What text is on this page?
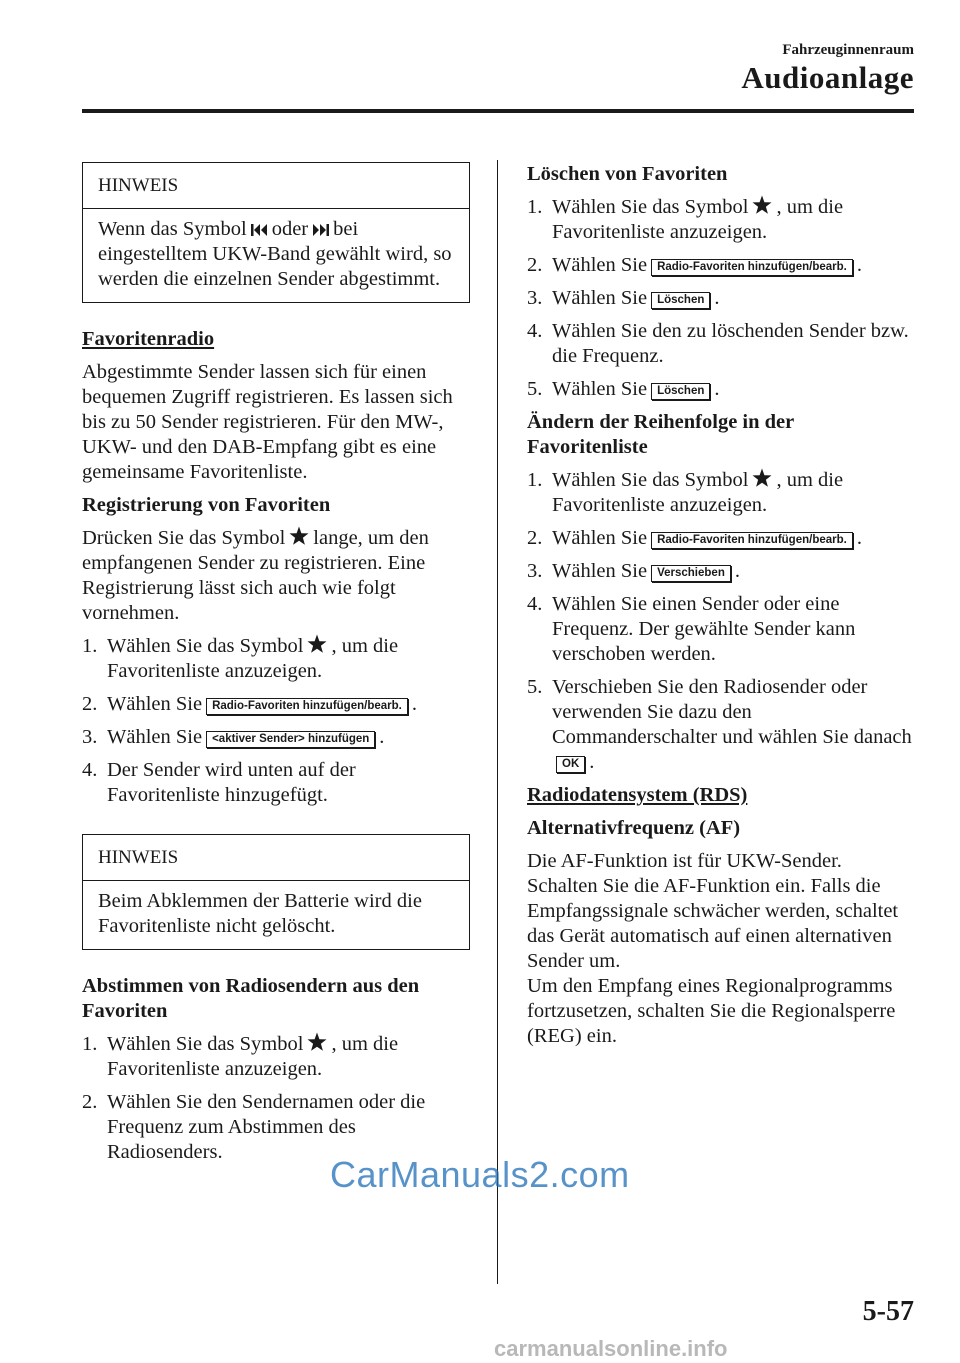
Fahrzeuginnenraum
Audioanlage
HINWEIS
Wenn das Symbol oder bei eingestelltem UKW-Band gewählt wird, so werden die einzelnen Sender abgestimmt.
Favoritenradio

Abgestimmte Sender lassen sich für einen bequemen Zugriff registrieren. Es lassen sich bis zu 50 Sender registrieren. Für den MW-, UKW- und den DAB-Empfang gibt es eine gemeinsame Favoritenliste.

Registrierung von Favoriten

Drücken Sie das Symbol lange, um den empfangenen Sender zu registrieren. Eine Registrierung lässt sich auch wie folgt vornehmen.

1. Wählen Sie das Symbol , um die Favoritenliste anzuzeigen.
2. Wählen Sie Radio-Favoriten hinzufügen/bearb. .
3. Wählen Sie <aktiver Sender> hinzufügen .
4. Der Sender wird unten auf der Favoritenliste hinzugefügt.
HINWEIS
Beim Abklemmen der Batterie wird die Favoritenliste nicht gelöscht.
Abstimmen von Radiosendern aus den Favoriten
1. Wählen Sie das Symbol , um die Favoritenliste anzuzeigen.
2. Wählen Sie den Sendernamen oder die Frequenz zum Abstimmen des Radiosenders.
Löschen von Favoriten
1. Wählen Sie das Symbol , um die Favoritenliste anzuzeigen.
2. Wählen Sie Radio-Favoriten hinzufügen/bearb. .
3. Wählen Sie Löschen .
4. Wählen Sie den zu löschenden Sender bzw. die Frequenz.
5. Wählen Sie Löschen .
Ändern der Reihenfolge in der Favoritenliste
1. Wählen Sie das Symbol , um die Favoritenliste anzuzeigen.
2. Wählen Sie Radio-Favoriten hinzufügen/bearb. .
3. Wählen Sie Verschieben .
4. Wählen Sie einen Sender oder eine Frequenz. Der gewählte Sender kann verschoben werden.
5. Verschieben Sie den Radiosender oder verwenden Sie dazu den Commanderschalter und wählen Sie danachOK .
Radiodatensystem (RDS)
Alternativfrequenz (AF)

Die AF-Funktion ist für UKW-Sender. Schalten Sie die AF-Funktion ein. Falls die Empfangssignale schwächer werden, schaltet das Gerät automatisch auf einen alternativen Sender um.

Um den Empfang eines Regionalprogramms fortzusetzen, schalten Sie die Regionalsperre (REG) ein.

5-57
CarManuals2.com
carmanualsonline.info
